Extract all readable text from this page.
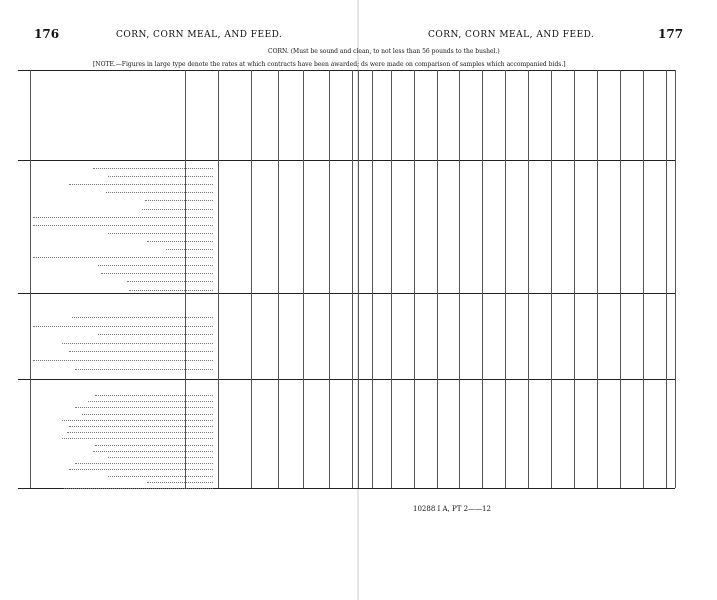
176	CORN, CORN MEAL, AND FEED.	CORN, CORN MEAL, AND FEED.	177
CORN. (Must be sound and clean, to not less than 56 pounds to the bushel.)
[NOTE.—Figures in large type denote the rates at which contracts have been awarded; ds were made on comparison of samples which accompanied bids.]
10288 I A, PT 2——12
